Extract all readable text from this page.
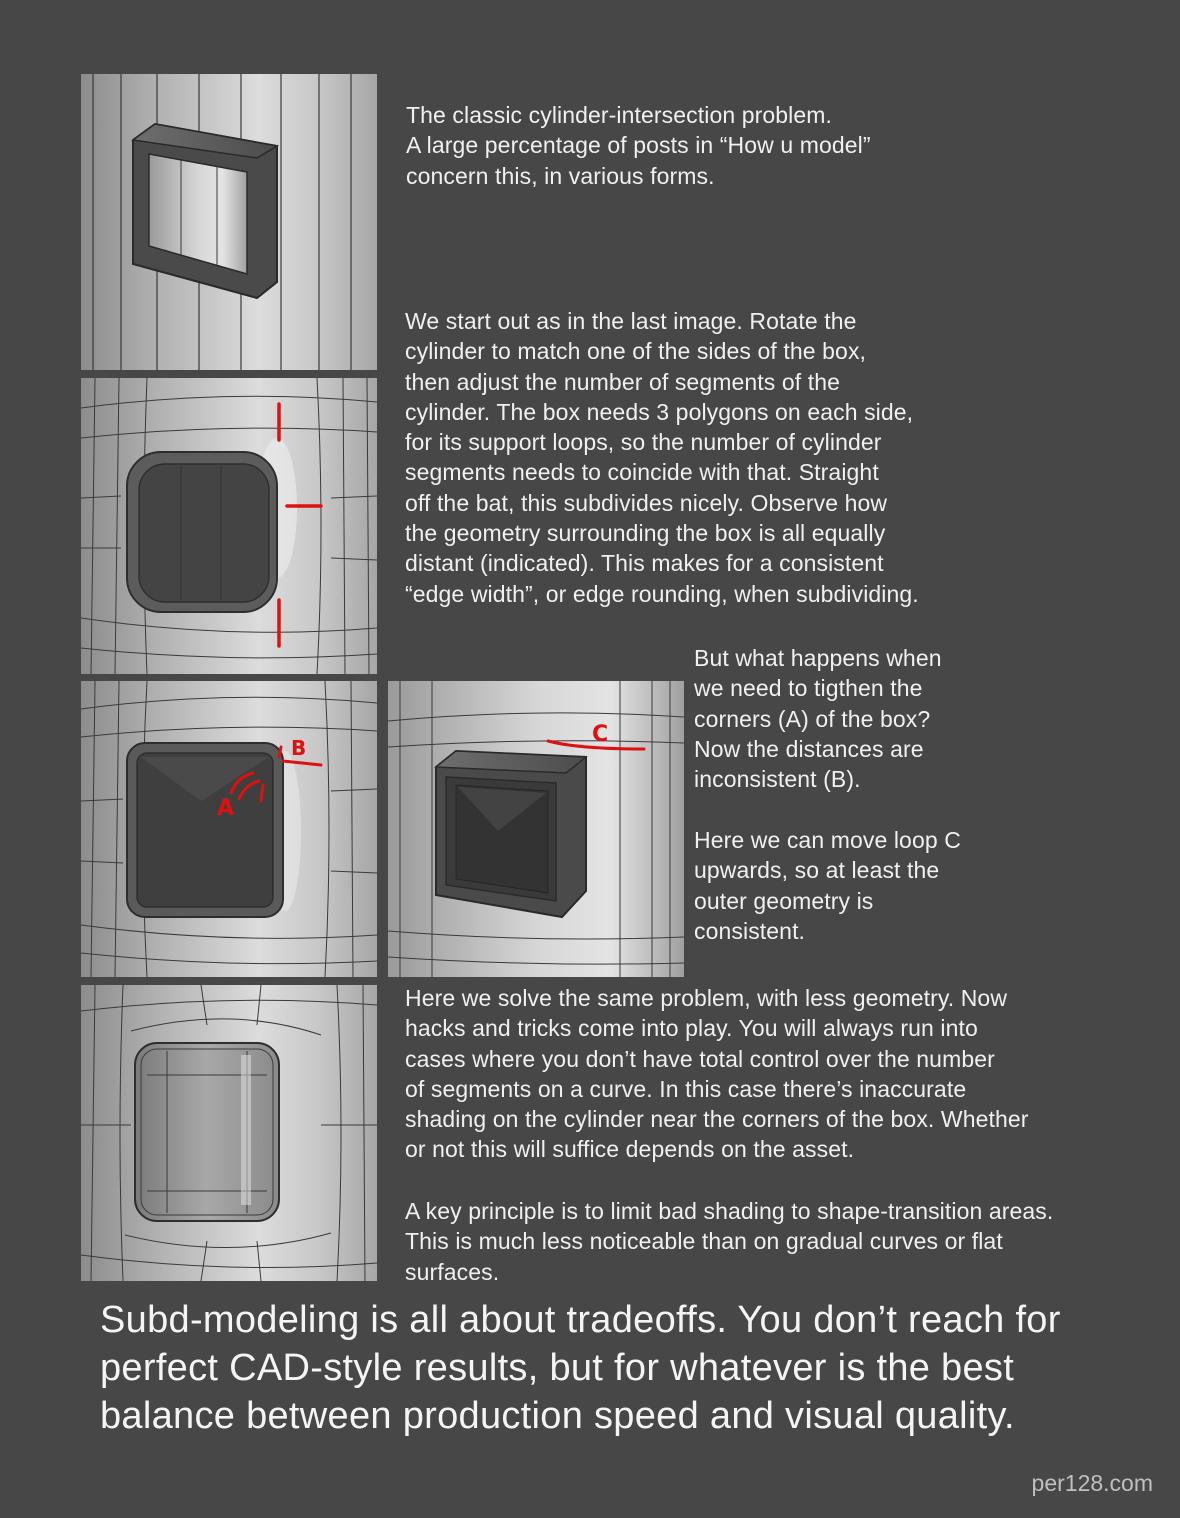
A
B
C
The classic cylinder-intersection problem.
A large percentage of posts in “How u model”
concern this, in various forms.
We start out as in the last image. Rotate the
cylinder to match one of the sides of the box,
then adjust the number of segments of the
cylinder. The box needs 3 polygons on each side,
for its support loops, so the number of cylinder
segments needs to coincide with that. Straight
off the bat, this subdivides nicely. Observe how
the geometry surrounding the box is all equally
distant (indicated). This makes for a consistent
“edge width”, or edge rounding, when subdividing.
But what happens when
we need to tigthen the
corners (A) of the box?
Now the distances are
inconsistent (B).
Here we can move loop C
upwards, so at least the
outer geometry is
consistent.
Here we solve the same problem, with less geometry. Now
hacks and tricks come into play. You will always run into
cases where you don’t have total control over the number
of segments on a curve. In this case there’s inaccurate
shading on the cylinder near the corners of the box. Whether
or not this will suffice depends on the asset.
A key principle is to limit bad shading to shape-transition areas.
This is much less noticeable than on gradual curves or flat
surfaces.
Subd-modeling is all about tradeoffs. You don’t reach for
perfect CAD-style results, but for whatever is the best
balance between production speed and visual quality.
per128.com
